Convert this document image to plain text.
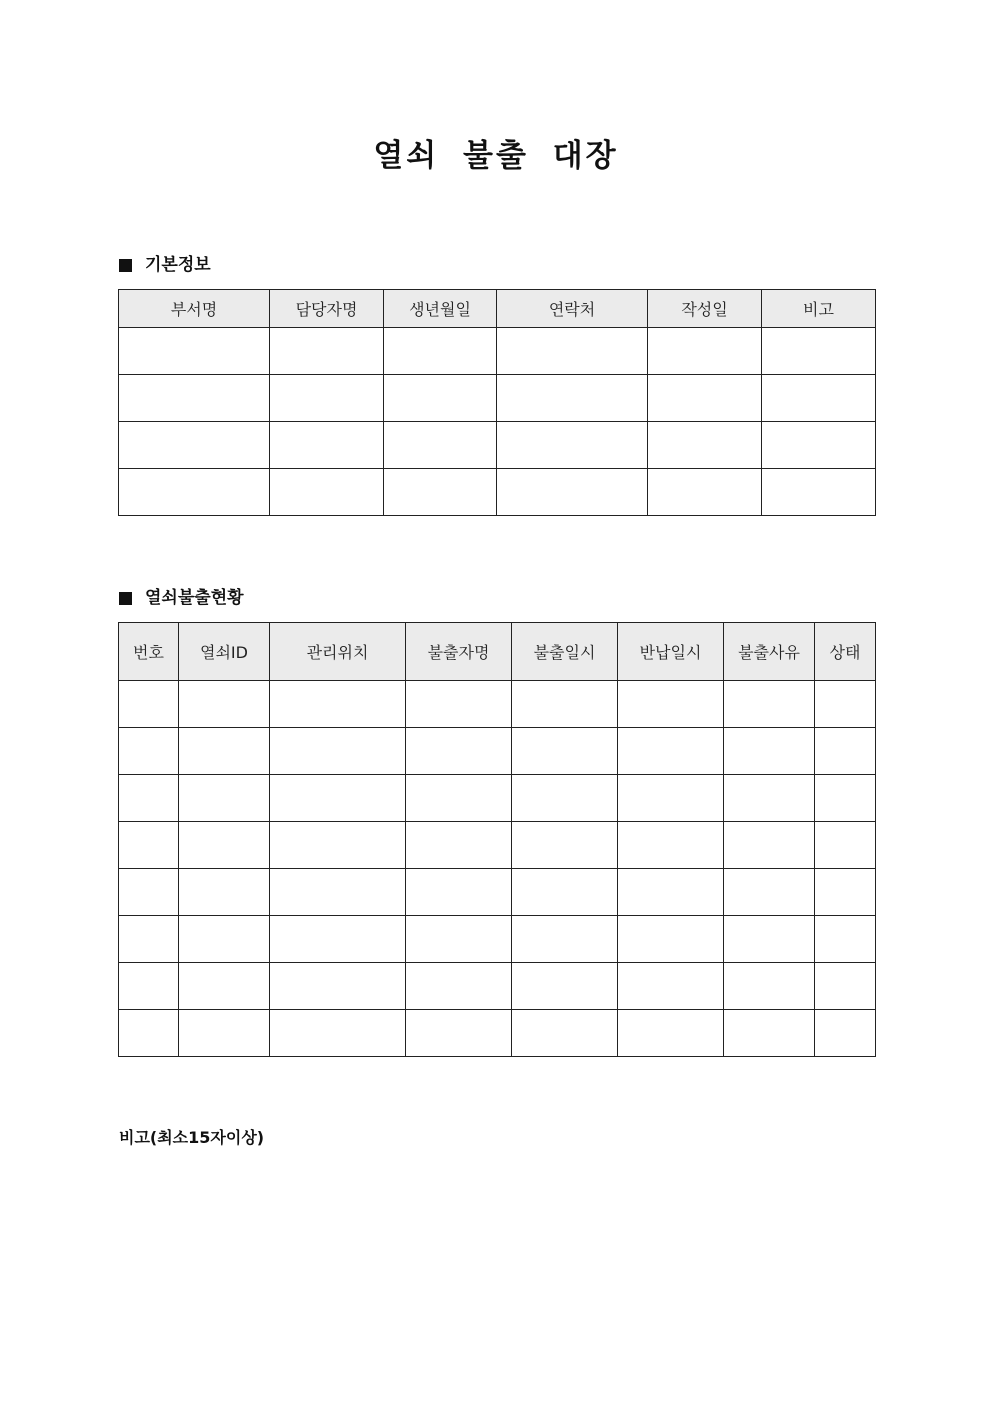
열쇠 불출 대장
기본정보
부서명	담당자명	생년월일	연락처	작성일	비고

열쇠불출현황
번호	열쇠ID	관리위치	불출자명	불출일시	반납일시	불출사유	상태

비고(최소15자이상)
